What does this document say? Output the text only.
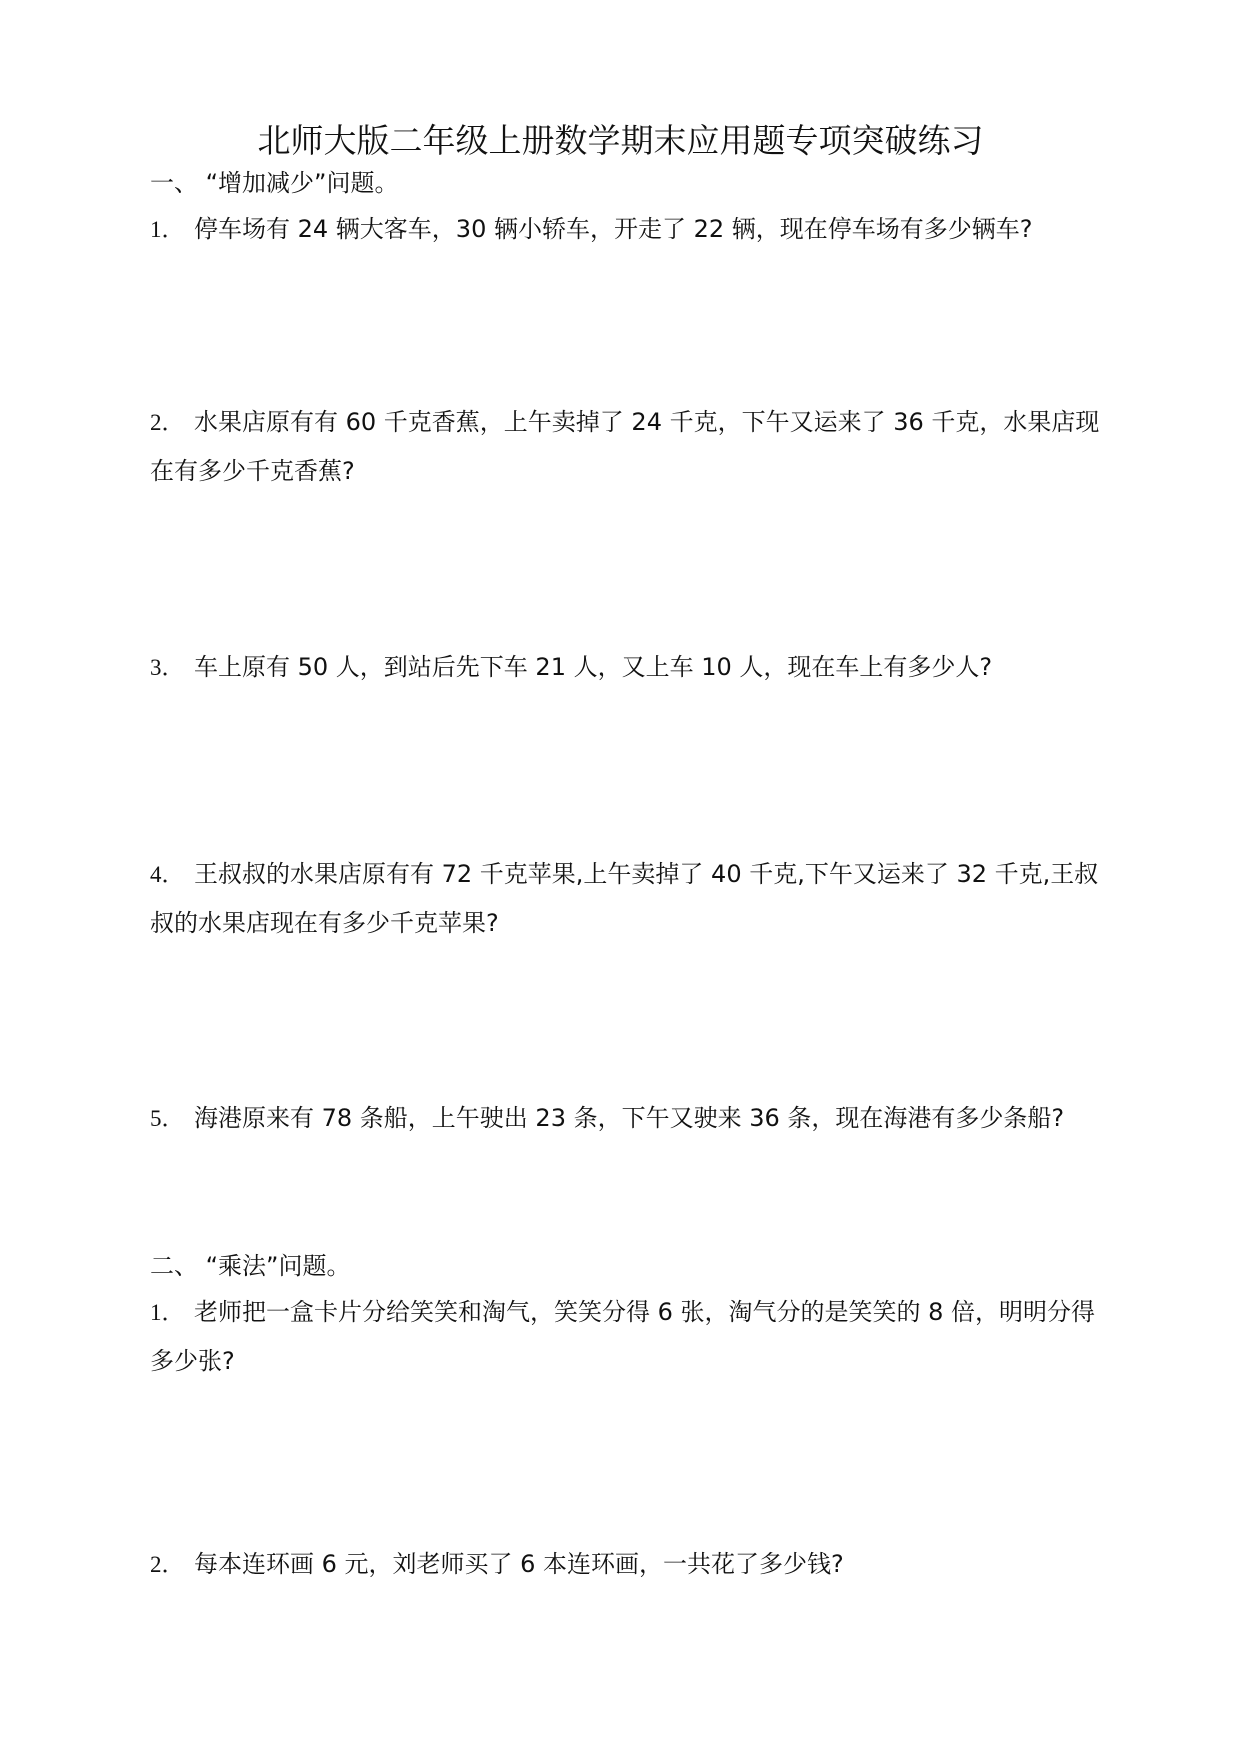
北师大版二年级上册数学期末应用题专项突破练习
一、 “增加减少”问题。
1． 停车场有 24 辆大客车，30 辆小轿车，开走了 22 辆，现在停车场有多少辆车?
2． 水果店原有有 60 千克香蕉，上午卖掉了 24 千克，下午又运来了 36 千克，水果店现在有多少千克香蕉?
3． 车上原有 50 人，到站后先下车 21 人，又上车 10 人，现在车上有多少人?
4． 王叔叔的水果店原有有 72 千克苹果,上午卖掉了 40 千克,下午又运来了 32 千克,王叔叔的水果店现在有多少千克苹果?
5． 海港原来有 78 条船，上午驶出 23 条，下午又驶来 36 条，现在海港有多少条船?
二、 “乘法”问题。
1． 老师把一盒卡片分给笑笑和淘气，笑笑分得 6 张，淘气分的是笑笑的 8 倍，明明分得多少张?
2． 每本连环画 6 元，刘老师买了 6 本连环画，一共花了多少钱?
